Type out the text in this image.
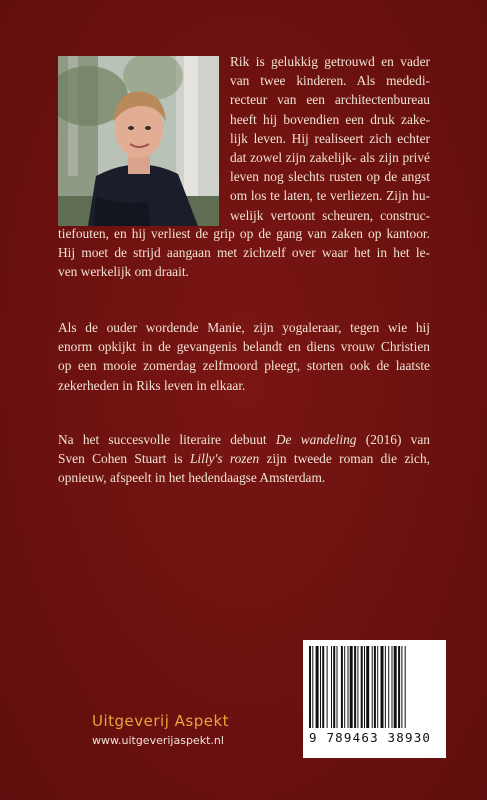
Rik is gelukkig getrouwd en vader
van twee kinderen. Als mededi-
recteur van een architectenbureau
heeft hij bovendien een druk zake-
lijk leven. Hij realiseert zich echter
dat zowel zijn zakelijk- als zijn privé
leven nog slechts rusten op de angst
om los te laten, te verliezen. Zijn hu-
welijk vertoont scheuren, construc-
tiefouten, en hij verliest de grip op de gang van zaken op kantoor.
Hij moet de strijd aangaan met zichzelf over waar het in het le-
ven werkelijk om draait.
Als de ouder wordende Manie, zijn yogaleraar, tegen wie hij
enorm opkijkt in de gevangenis belandt en diens vrouw Christien
op een mooie zomerdag zelfmoord pleegt, storten ook de laatste
zekerheden in Riks leven in elkaar.
Na het succesvolle literaire debuut De wandeling (2016) van
Sven Cohen Stuart is Lilly's rozen zijn tweede roman die zich,
opnieuw, afspeelt in het hedendaagse Amsterdam.
Uitgeverij Aspekt
www.uitgeverijaspekt.nl	9 789463 38930
